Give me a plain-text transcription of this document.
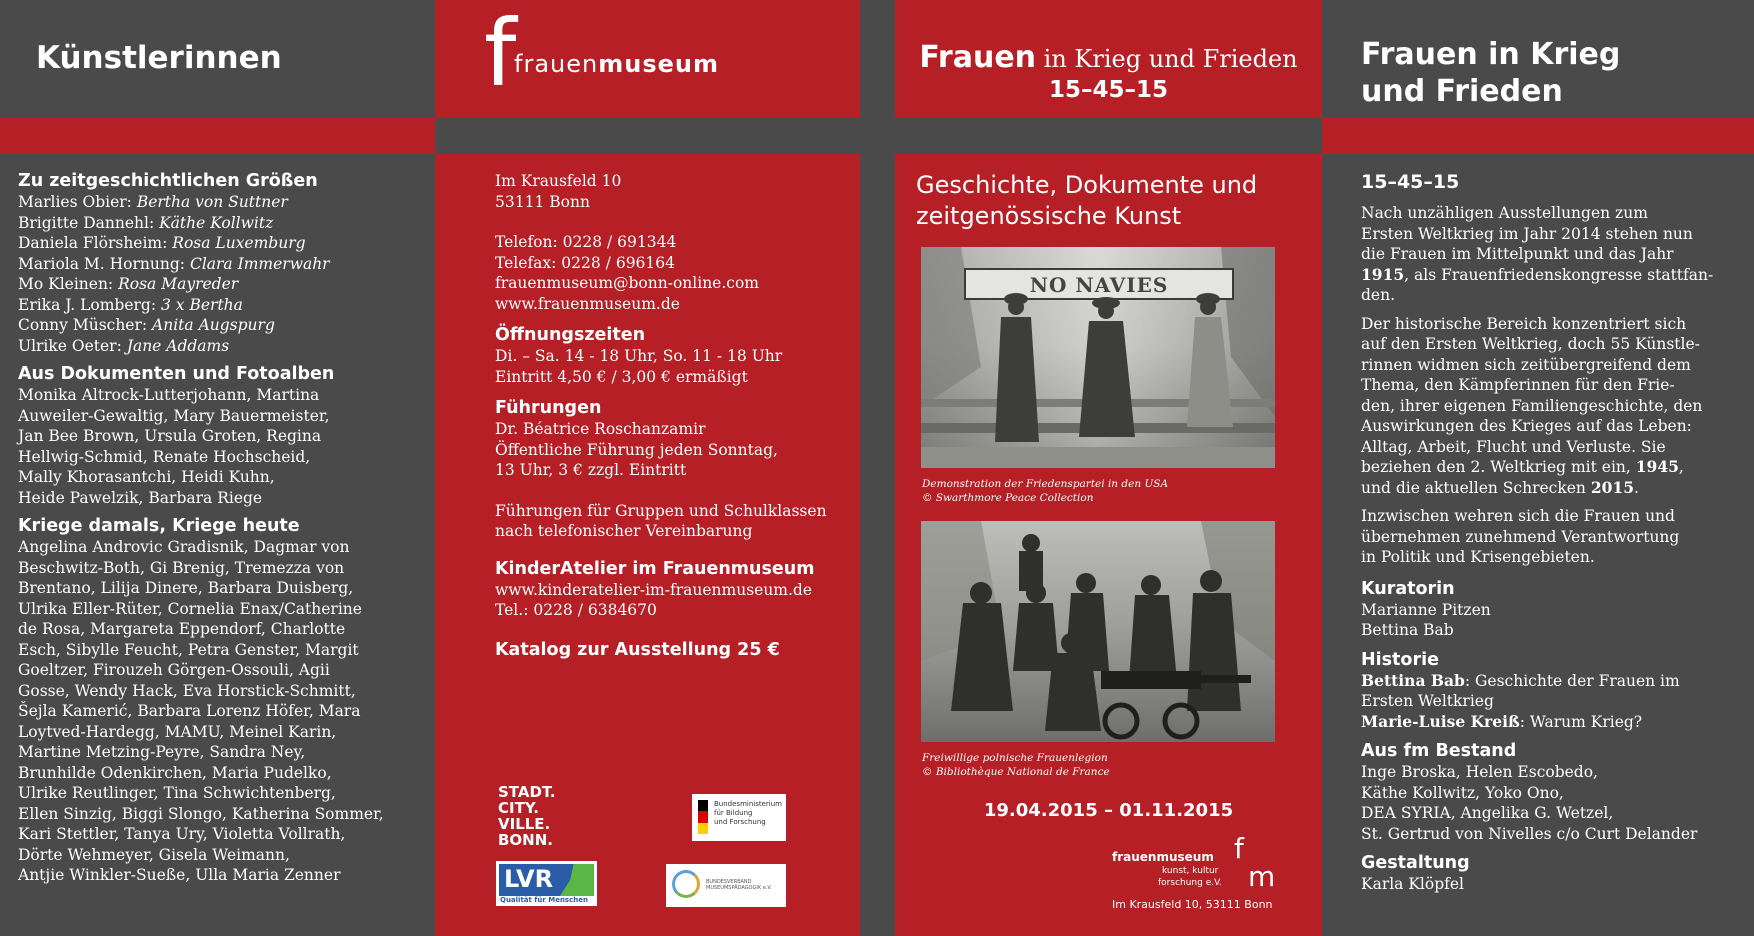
Künstlerinnen
Zu zeitgeschichtlichen Größen
Marlies Obier: Bertha von Suttner
Brigitte Dannehl: Käthe Kollwitz
Daniela Flörsheim: Rosa Luxemburg
Mariola M. Hornung: Clara Immerwahr
Mo Kleinen: Rosa Mayreder
Erika J. Lomberg: 3 x Bertha
Conny Müscher: Anita Augspurg
Ulrike Oeter: Jane Addams
Aus Dokumenten und Fotoalben
Monika Altrock-Lutterjohann, Martina
Auweiler-Gewaltig, Mary Bauermeister,
Jan Bee Brown, Ursula Groten, Regina
Hellwig-Schmid, Renate Hochscheid,
Mally Khorasantchi, Heidi Kuhn,
Heide Pawelzik, Barbara Riege
Kriege damals, Kriege heute
Angelina Androvic Gradisnik, Dagmar von
Beschwitz-Both, Gi Brenig, Tremezza von
Brentano, Lilija Dinere, Barbara Duisberg,
Ulrika Eller-Rüter, Cornelia Enax/Catherine
de Rosa, Margareta Eppendorf, Charlotte
Esch, Sibylle Feucht, Petra Genster, Margit
Goeltzer, Firouzeh Görgen-Ossouli, Agii
Gosse, Wendy Hack, Eva Horstick-Schmitt,
Šejla Kamerić, Barbara Lorenz Höfer, Mara
Loytved-Hardegg, MAMU, Meinel Karin,
Martine Metzing-Peyre, Sandra Ney,
Brunhilde Odenkirchen, Maria Pudelko,
Ulrike Reutlinger, Tina Schwichtenberg,
Ellen Sinzig, Biggi Slongo, Katherina Sommer,
Kari Stettler, Tanya Ury, Violetta Vollrath,
Dörte Wehmeyer, Gisela Weimann,
Antjie Winkler-Sueße, Ulla Maria Zenner
f
frauenmuseum
Im Krausfeld 10
53111 Bonn
Telefon: 0228 / 691344
Telefax: 0228 / 696164
frauenmuseum@bonn-online.com
www.frauenmuseum.de
Öffnungszeiten
Di. – Sa. 14 - 18 Uhr, So. 11 - 18 Uhr
Eintritt 4,50 € / 3,00 € ermäßigt
Führungen
Dr. Béatrice Roschanzamir
Öffentliche Führung jeden Sonntag,
13 Uhr, 3 € zzgl. Eintritt
Führungen für Gruppen und Schulklassen
nach telefonischer Vereinbarung
KinderAtelier im Frauenmuseum
www.kinderatelier-im-frauenmuseum.de
Tel.: 0228 / 6384670
Katalog zur Ausstellung 25 €
STADT.
CITY.
VILLE.
BONN.
Bundesministerium
für Bildung
und Forschung
LVR
Qualität für Menschen
BUNDESVERBAND MUSEUMSPÄDAGOGIK e.V.
Frauen in Krieg und Frieden
15–45–15
Geschichte, Dokumente und
zeitgenössische Kunst
NO NAVIES
Demonstration der Friedenspartei in den USA
© Swarthmore Peace Collection
Freiwillige polnische Frauenlegion
© Bibliothèque National de France
19.04.2015 – 01.11.2015
frauenmuseum
kunst, kultur
forschung e.V.
f
m
Im Krausfeld 10, 53111 Bonn
Frauen in Krieg
und Frieden
15–45–15

Nach unzähligen Ausstellungen zum
Ersten Weltkrieg im Jahr 2014 stehen nun
die Frauen im Mittelpunkt und das Jahr
1915, als Frauenfriedenskongresse stattfan-
den.

Der historische Bereich konzentriert sich
auf den Ersten Weltkrieg, doch 55 Künstle-
rinnen widmen sich zeitübergreifend dem
Thema, den Kämpferinnen für den Frie-
den, ihrer eigenen Familiengeschichte, den
Auswirkungen des Krieges auf das Leben:
Alltag, Arbeit, Flucht und Verluste. Sie
beziehen den 2. Weltkrieg mit ein, 1945,
und die aktuellen Schrecken 2015.

Inzwischen wehren sich die Frauen und
übernehmen zunehmend Verantwortung
in Politik und Krisengebieten.

Kuratorin
Marianne Pitzen
Bettina Bab
Historie
Bettina Bab: Geschichte der Frauen im
Ersten Weltkrieg
Marie-Luise Kreiß: Warum Krieg?
Aus fm Bestand
Inge Broska, Helen Escobedo,
Käthe Kollwitz, Yoko Ono,
DEA SYRIA, Angelika G. Wetzel,
St. Gertrud von Nivelles c/o Curt Delander
Gestaltung
Karla Klöpfel
